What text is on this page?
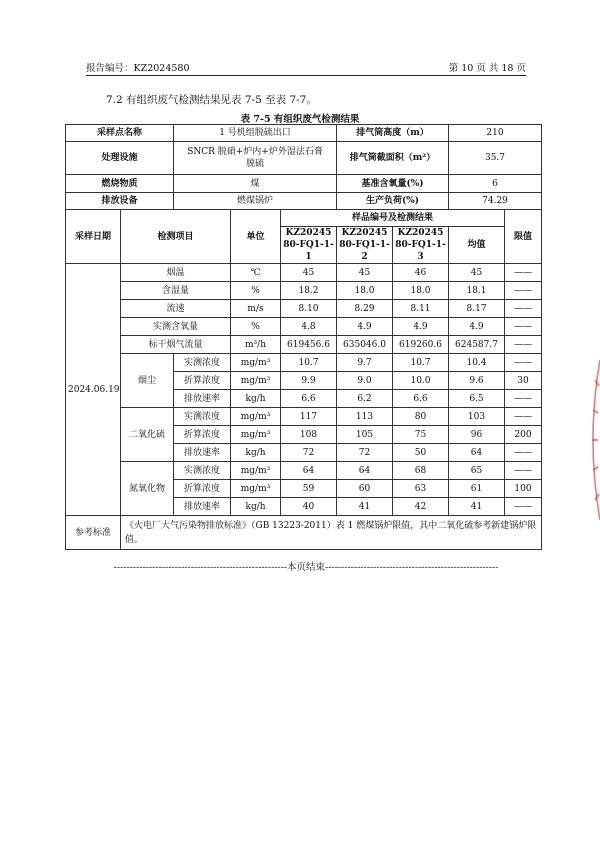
报告编号：KZ2024580	第 10 页 共 18 页
7.2 有组织废气检测结果见表 7-5 至表 7-7。
表 7-5 有组织废气检测结果
采样点名称		1 号机组脱硫出口			排气筒高度（m）		210	
处理设施		SNCR 脱硝+炉内+炉外湿法石膏脱硫			排气筒截面积（m²）		35.7	
燃烧物质		煤			基准含氧量(%)		6	
排放设备		燃煤锅炉			生产负荷(%)		74.29	
采样日期	检测项目		单位	样品编号及检测结果				限值
				KZ2024580-FQ1-1-1	KZ2024580-FQ1-1-2	KZ2024580-FQ1-1-3	均值	
2024.06.19	烟温		℃	45	45	46	45	——
	含湿量		%	18.2	18.0	18.0	18.1	——
	流速		m/s	8.10	8.29	8.11	8.17	——
	实测含氧量		%	4.8	4.9	4.9	4.9	——
	标干烟气流量		m³/h	619456.6	635046.0	619260.6	624587.7	——
	烟尘	实测浓度	mg/m³	10.7	9.7	10.7	10.4	——
		折算浓度	mg/m³	9.9	9.0	10.0	9.6	30
		排放速率	kg/h	6.6	6.2	6.6	6.5	——
	二氧化硫	实测浓度	mg/m³	117	113	80	103	——
		折算浓度	mg/m³	108	105	75	96	200
		排放速率	kg/h	72	72	50	64	——
	氮氧化物	实测浓度	mg/m³	64	64	68	65	——
		折算浓度	mg/m³	59	60	63	61	100
		排放速率	kg/h	40	41	42	41	——
参考标准	《火电厂大气污染物排放标准》（GB 13223-2011）表 1 燃煤锅炉限值，其中二氧化硫参考新建锅炉限值。							
------------------------------------------------------本页结束------------------------------------------------------
